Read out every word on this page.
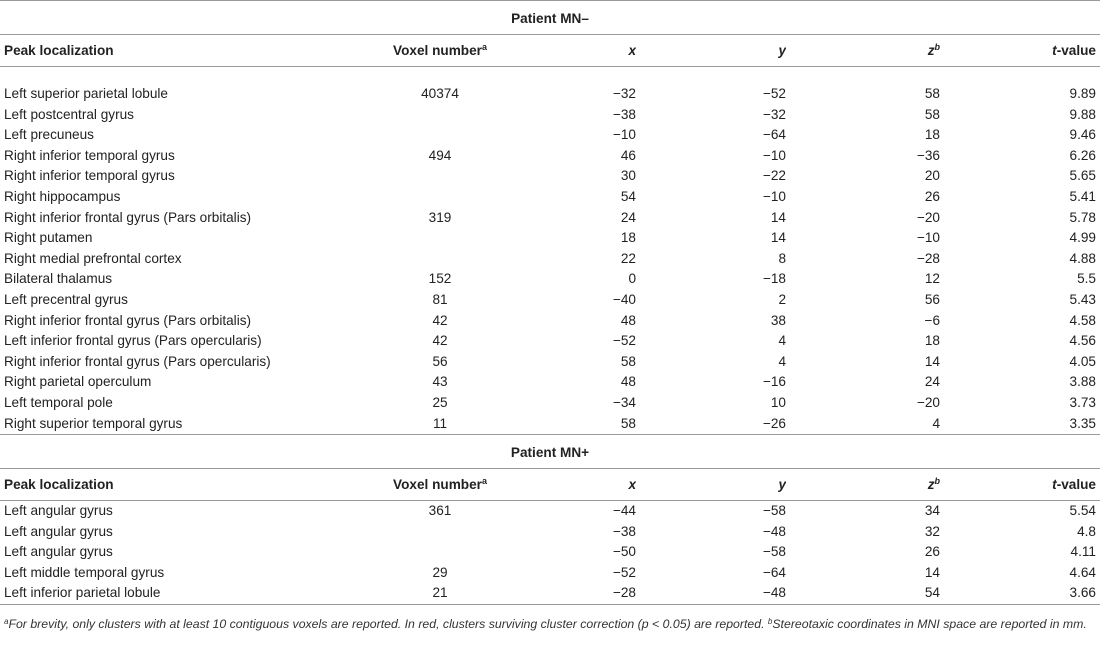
Patient MN–					

Peak localization	Voxel number$^a$	x	y	$z^b$	t-value

Left superior parietal lobule	40374	−32	−52	58	9.89
Left postcentral gyrus		−38	−32	58	9.88
Left precuneus		−10	−64	18	9.46
Right inferior temporal gyrus	494	46	−10	−36	6.26
Right inferior temporal gyrus		30	−22	20	5.65
Right hippocampus		54	−10	26	5.41
Right inferior frontal gyrus (Pars orbitalis)	319	24	14	−20	5.78
Right putamen		18	14	−10	4.99
Right medial prefrontal cortex		22	8	−28	4.88
Bilateral thalamus	152	0	−18	12	5.5
Left precentral gyrus	81	−40	2	56	5.43
Right inferior frontal gyrus (Pars orbitalis)	42	48	38	−6	4.58
Left inferior frontal gyrus (Pars opercularis)	42	−52	4	18	4.56
Right inferior frontal gyrus (Pars opercularis)	56	58	4	14	4.05
Right parietal operculum	43	48	−16	24	3.88
Left temporal pole	25	−34	10	−20	3.73
Right superior temporal gyrus	11	58	−26	4	3.35

Patient MN+					

Peak localization	Voxel number$^a$	x	y	$z^b$	t-value

Left angular gyrus	361	−44	−58	34	5.54
Left angular gyrus		−38	−48	32	4.8
Left angular gyrus		−50	−58	26	4.11
Left middle temporal gyrus	29	−52	−64	14	4.64
Left inferior parietal lobule	21	−28	−48	54	3.66

$^a$For brevity, only clusters with at least 10 contiguous voxels are reported. In red, clusters surviving cluster correction (p < 0.05) are reported. $^b$Stereotaxic coordinates in MNI space are reported in mm.
